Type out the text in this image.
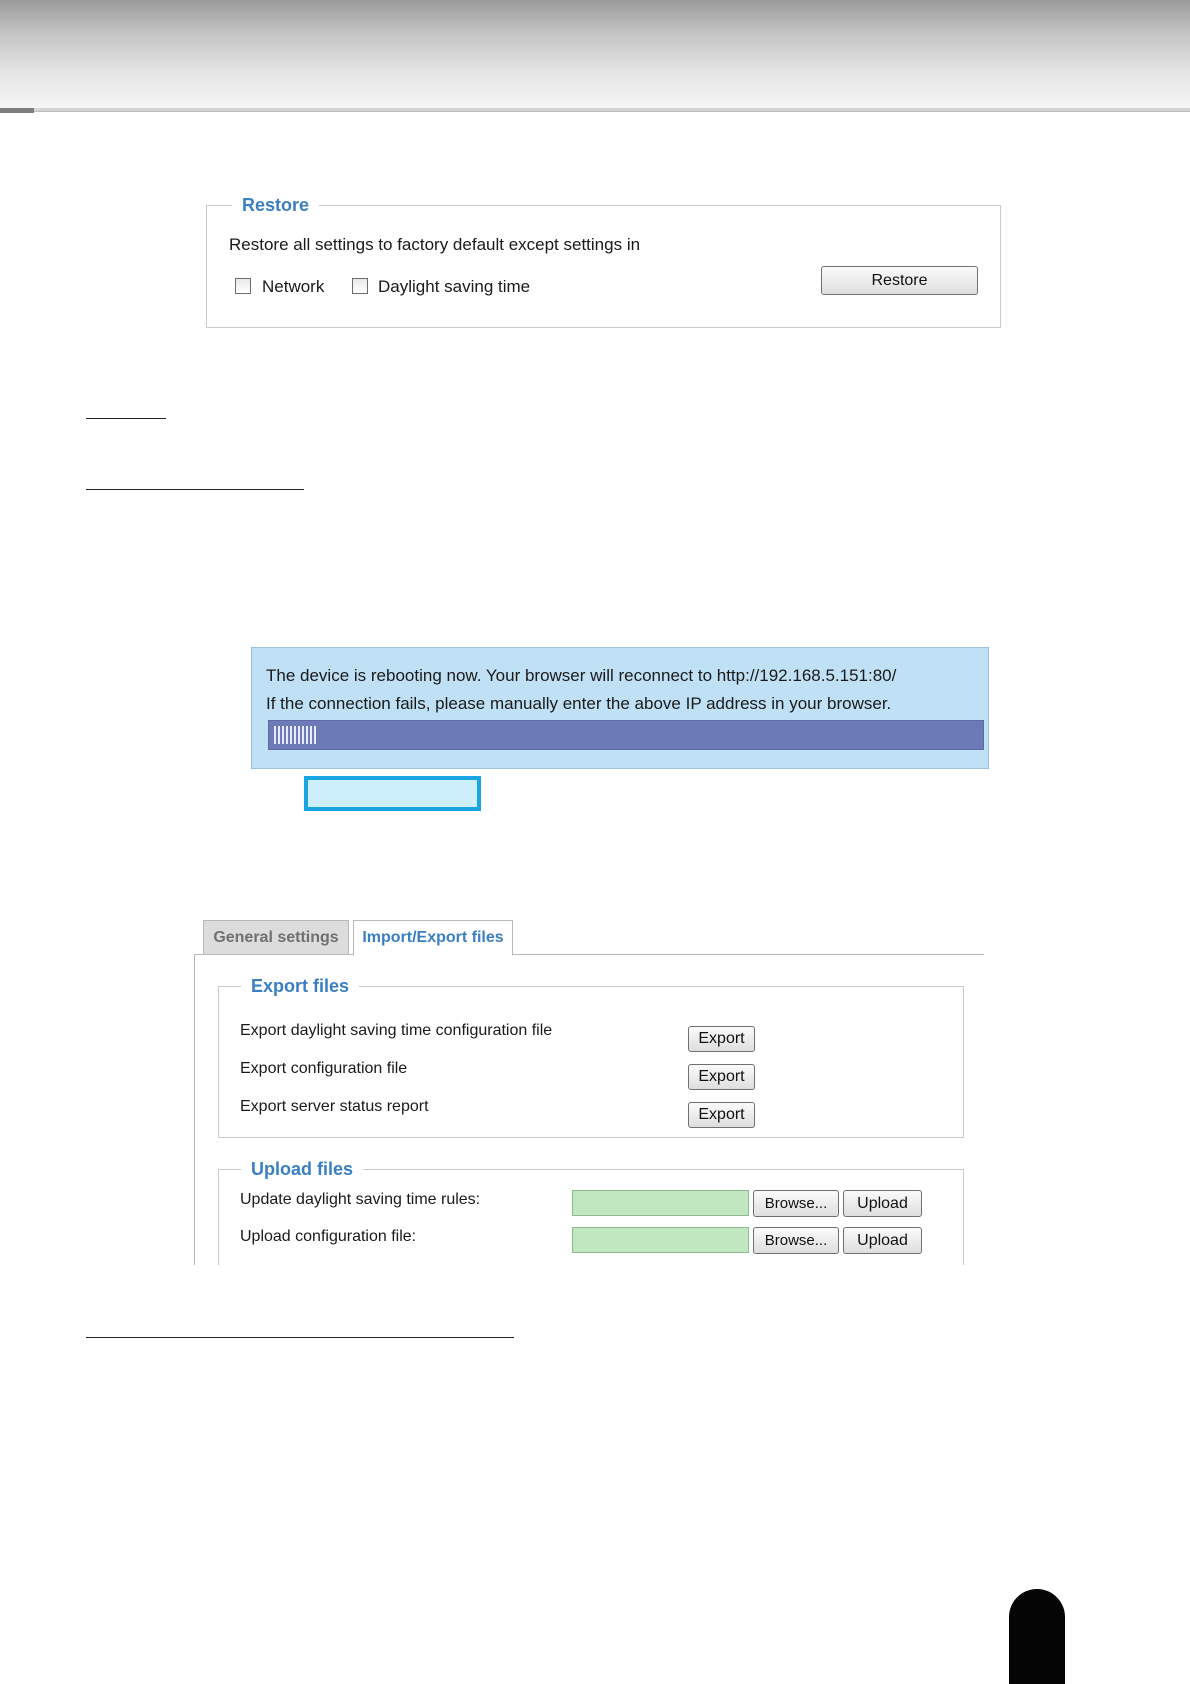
Restore
Restore all settings to factory default except settings in
Network	Daylight saving time	Restore
The device is rebooting now. Your browser will reconnect to http://192.168.5.151:80/
If the connection fails, please manually enter the above IP address in your browser.
General settings	Import/Export files
Export files
Export daylight saving time configuration file	Export
Export configuration file	Export
Export server status report	Export
Upload files
Update daylight saving time rules:	Browse...	Upload
Upload configuration file:	Browse...	Upload
